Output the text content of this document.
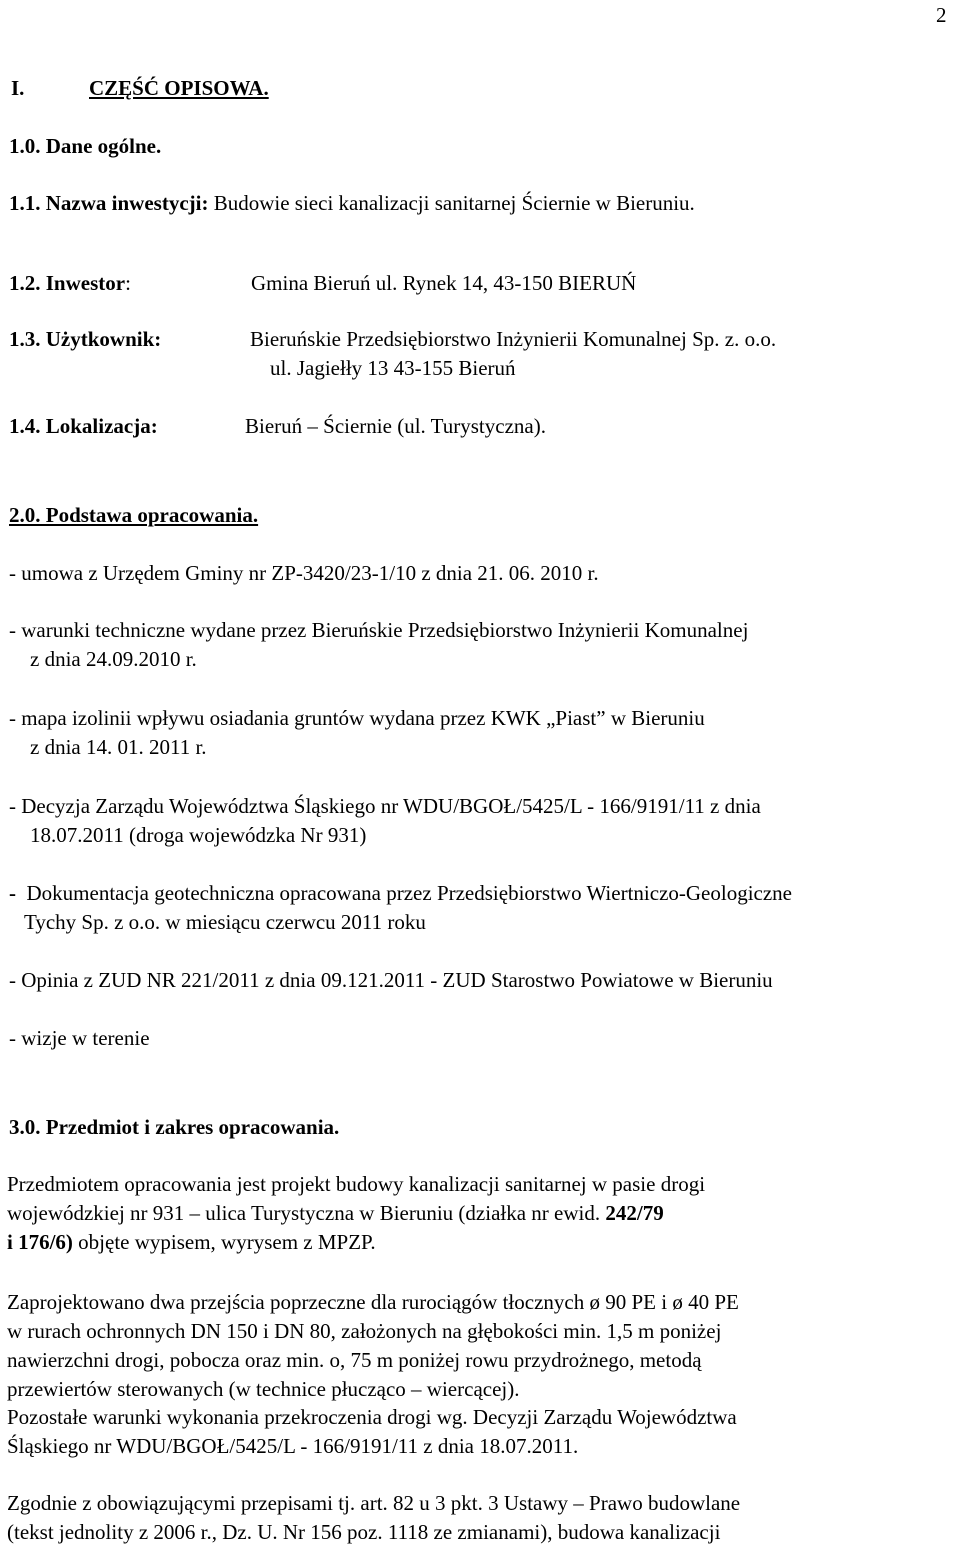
2
I.	CZĘŚĆ OPISOWA.
1.0. Dane ogólne.
1.1. Nazwa inwestycji: Budowie sieci kanalizacji sanitarnej Ściernie w Bieruniu.
1.2. Inwestor:	Gmina Bieruń ul. Rynek 14, 43-150 BIERUŃ
1.3. Użytkownik:	Bieruńskie Przedsiębiorstwo Inżynierii Komunalnej Sp. z. o.o.
ul. Jagiełły 13 43-155 Bieruń
1.4. Lokalizacja:	Bieruń – Ściernie (ul. Turystyczna).
2.0. Podstawa opracowania.
- umowa z Urzędem Gminy nr ZP-3420/23-1/10 z dnia 21. 06. 2010 r.
- warunki techniczne wydane przez Bieruńskie Przedsiębiorstwo Inżynierii Komunalnej
z dnia 24.09.2010 r.
- mapa izolinii wpływu osiadania gruntów wydana przez KWK „Piast” w Bieruniu
z dnia 14. 01. 2011 r.
- Decyzja Zarządu Województwa Śląskiego nr WDU/BGOŁ/5425/L - 166/9191/11 z dnia
18.07.2011 (droga wojewódzka Nr 931)
- Dokumentacja geotechniczna opracowana przez Przedsiębiorstwo Wiertniczo-Geologiczne
Tychy Sp. z o.o. w miesiącu czerwcu 2011 roku
- Opinia z ZUD NR 221/2011 z dnia 09.121.2011 - ZUD Starostwo Powiatowe w Bieruniu
- wizje w terenie
3.0. Przedmiot i zakres opracowania.
Przedmiotem opracowania jest projekt budowy kanalizacji sanitarnej w pasie drogi
wojewódzkiej nr 931 – ulica Turystyczna w Bieruniu (działka nr ewid. 242/79
i 176/6) objęte wypisem, wyrysem z MPZP.
Zaprojektowano dwa przejścia poprzeczne dla rurociągów tłocznych ø 90 PE i ø 40 PE
w rurach ochronnych DN 150 i DN 80, założonych na głębokości min. 1,5 m poniżej
nawierzchni drogi, pobocza oraz min. o, 75 m poniżej rowu przydrożnego, metodą
przewiertów sterowanych (w technice płucząco – wiercącej).
Pozostałe warunki wykonania przekroczenia drogi wg. Decyzji Zarządu Województwa
Śląskiego nr WDU/BGOŁ/5425/L - 166/9191/11 z dnia 18.07.2011.
Zgodnie z obowiązującymi przepisami tj. art. 82 u 3 pkt. 3 Ustawy – Prawo budowlane
(tekst jednolity z 2006 r., Dz. U. Nr 156 poz. 1118 ze zmianami), budowa kanalizacji
